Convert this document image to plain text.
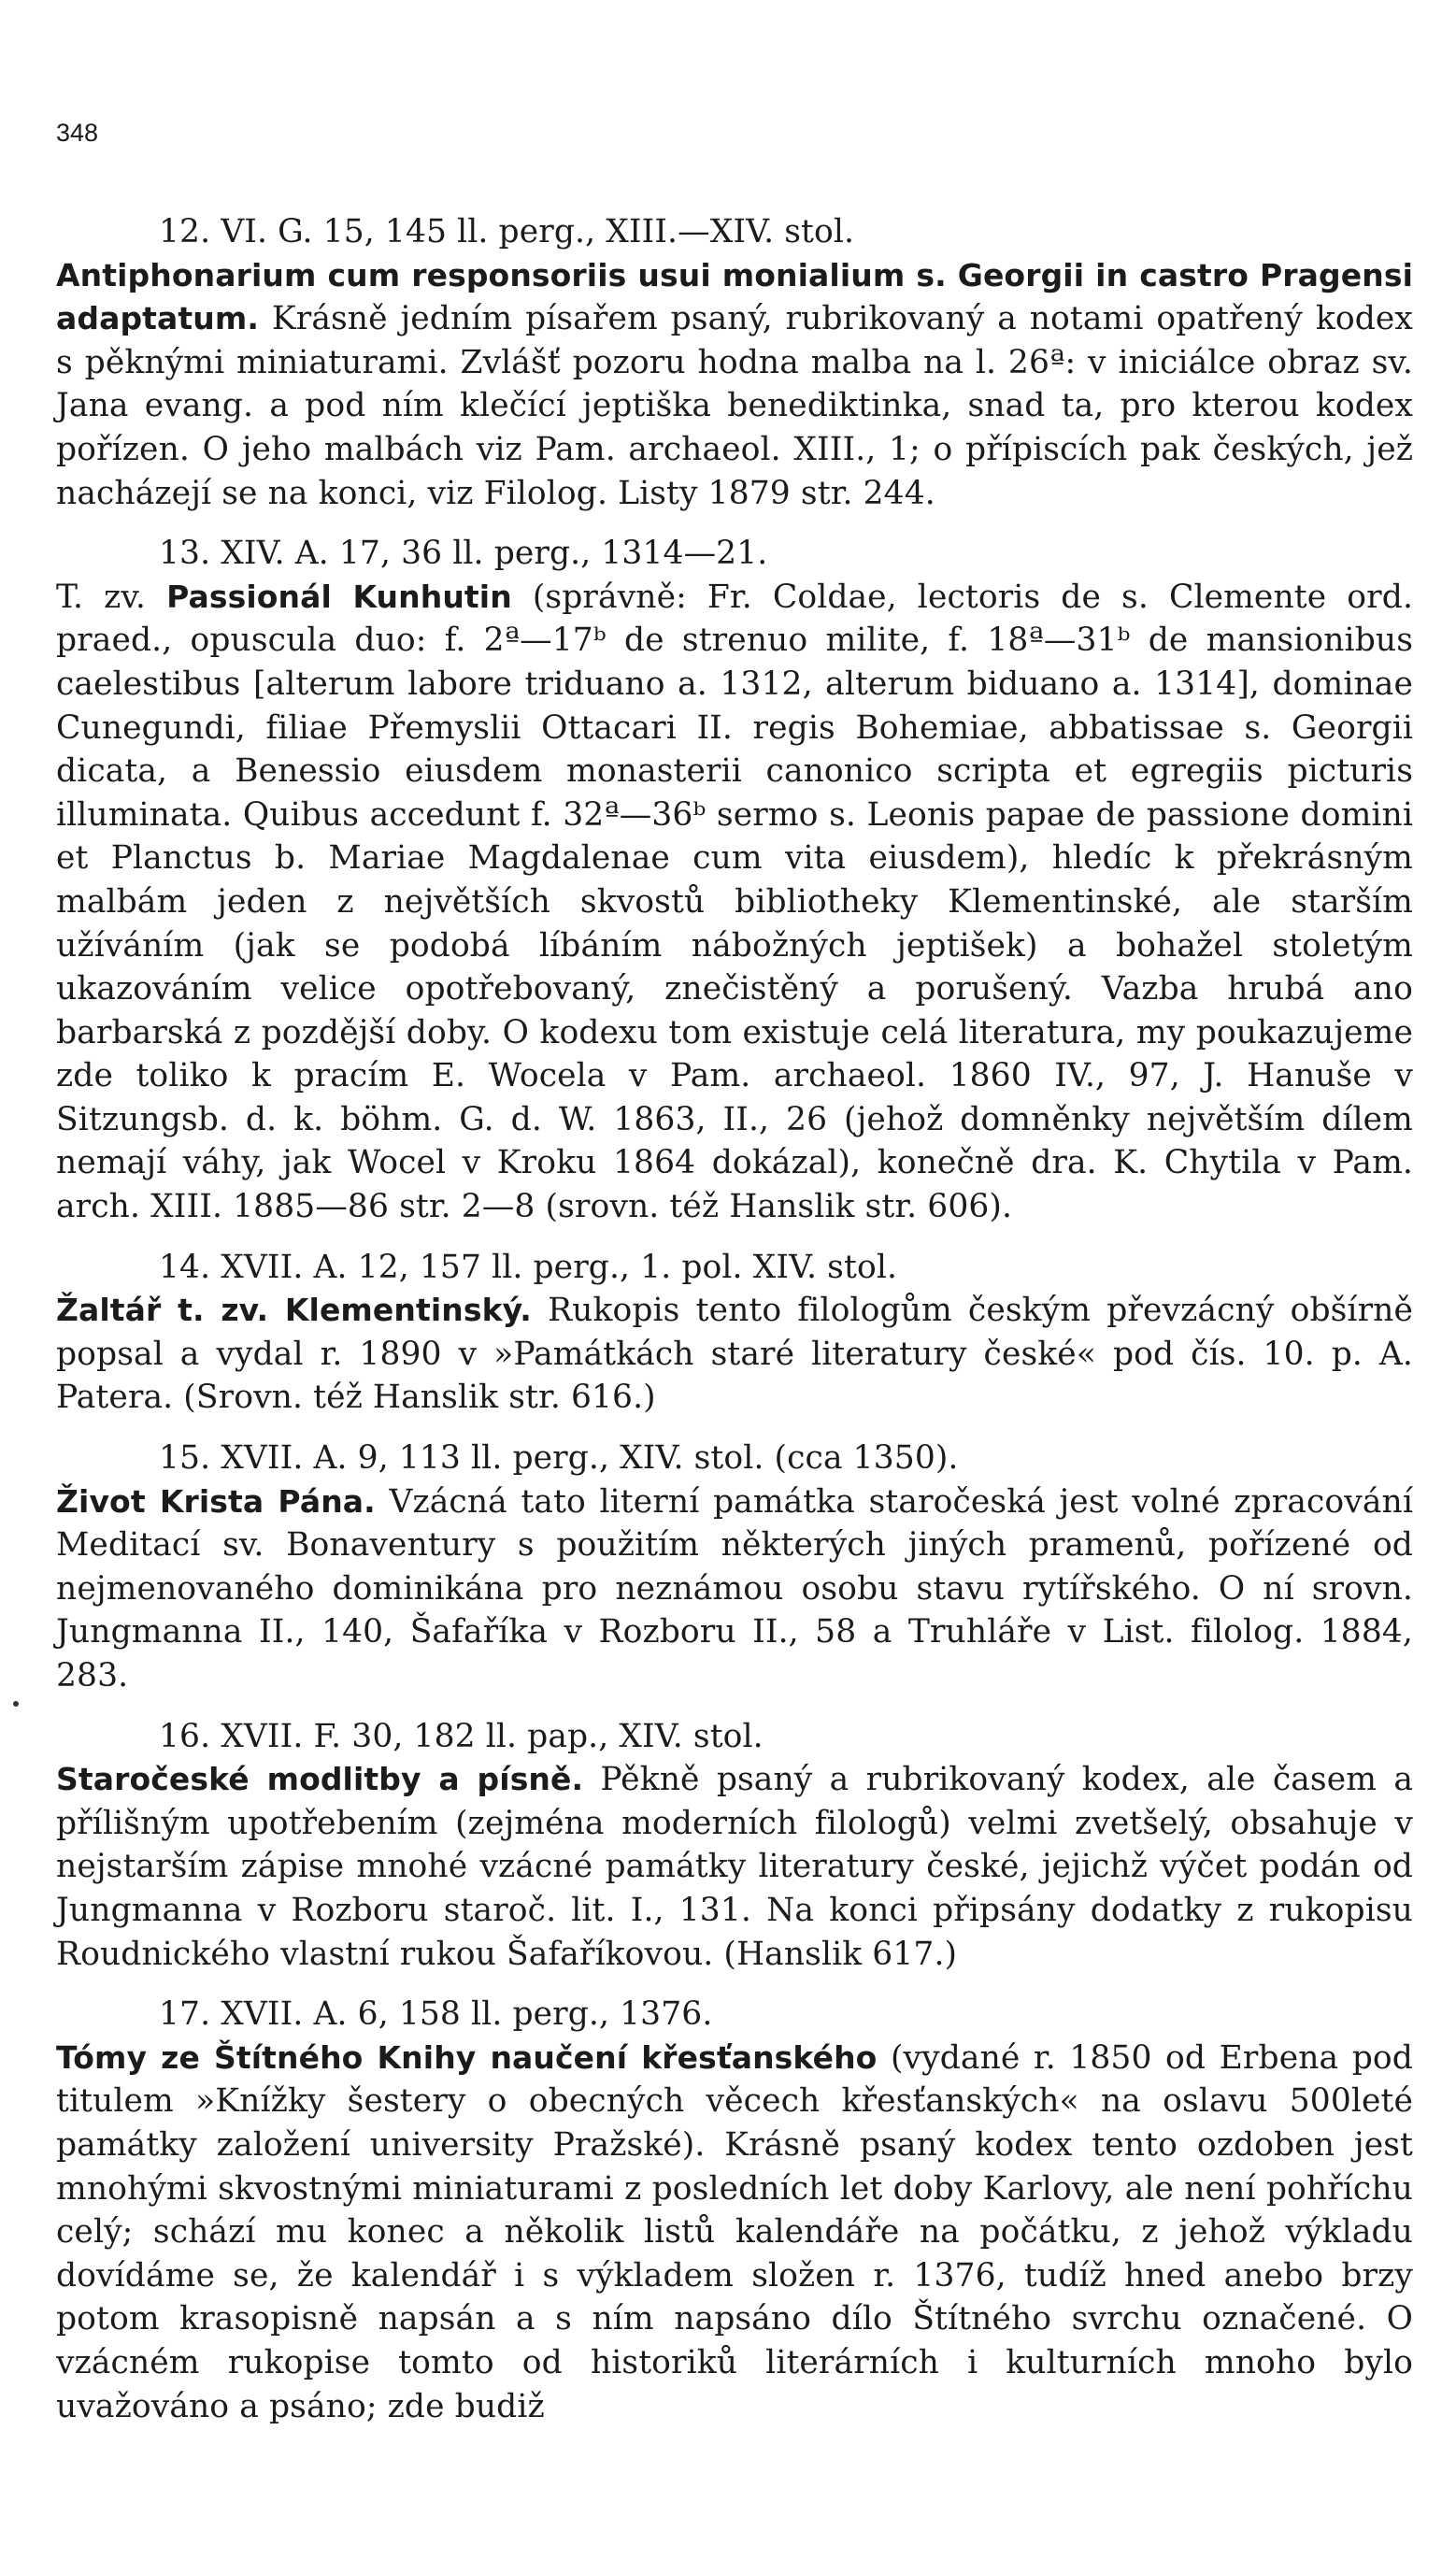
348

12. VI. G. 15, 145 ll. perg., XIII.—XIV. stol.

Antiphonarium cum responsoriis usui monialium s. Georgii in castro Pragensi adaptatum. Krásně jedním písařem psaný, rubrikovaný a notami opatřený kodex s pěknými miniaturami. Zvlášť pozoru hodna malba na l. 26ª: v iniciálce obraz sv. Jana evang. a pod ním klečící jeptiška benediktinka, snad ta, pro kterou kodex pořízen. O jeho malbách viz Pam. archaeol. XIII., 1; o přípiscích pak českých, jež nacházejí se na konci, viz Filolog. Listy 1879 str. 244.

13. XIV. A. 17, 36 ll. perg., 1314—21.

T. zv. Passionál Kunhutin (správně: Fr. Coldae, lectoris de s. Clemente ord. praed., opuscula duo: f. 2ª—17ᵇ de strenuo milite, f. 18ª—31ᵇ de mansionibus caelestibus [alterum labore triduano a. 1312, alterum biduano a. 1314], dominae Cunegundi, filiae Přemyslii Ottacari II. regis Bohemiae, abbatissae s. Georgii dicata, a Benessio eiusdem monasterii canonico scripta et egregiis picturis illuminata. Quibus accedunt f. 32ª—36ᵇ sermo s. Leonis papae de passione domini et Planctus b. Mariae Magdalenae cum vita eiusdem), hledíc k překrásným malbám jeden z největších skvostů bibliotheky Klementinské, ale starším užíváním (jak se podobá líbáním nábožných jeptišek) a bohažel stoletým ukazováním velice opotřebovaný, znečistěný a porušený. Vazba hrubá ano barbarská z pozdější doby. O kodexu tom existuje celá literatura, my poukazujeme zde toliko k pracím E. Wocela v Pam. archaeol. 1860 IV., 97, J. Hanuše v Sitzungsb. d. k. böhm. G. d. W. 1863, II., 26 (jehož domněnky největším dílem nemají váhy, jak Wocel v Kroku 1864 dokázal), konečně dra. K. Chytila v Pam. arch. XIII. 1885—86 str. 2—8 (srovn. též Hanslik str. 606).

14. XVII. A. 12, 157 ll. perg., 1. pol. XIV. stol.

Žaltář t. zv. Klementinský. Rukopis tento filologům českým převzácný obšírně popsal a vydal r. 1890 v »Památkách staré literatury české« pod čís. 10. p. A. Patera. (Srovn. též Hanslik str. 616.)

15. XVII. A. 9, 113 ll. perg., XIV. stol. (cca 1350).

Život Krista Pána. Vzácná tato literní památka staročeská jest volné zpracování Meditací sv. Bonaventury s použitím některých jiných pramenů, pořízené od nejmenovaného dominikána pro neznámou osobu stavu rytířského. O ní srovn. Jungmanna II., 140, Šafaříka v Rozboru II., 58 a Truhláře v List. filolog. 1884, 283.

16. XVII. F. 30, 182 ll. pap., XIV. stol.

Staročeské modlitby a písně. Pěkně psaný a rubrikovaný kodex, ale časem a přílišným upotřebením (zejména moderních filologů) velmi zvetšelý, obsahuje v nejstarším zápise mnohé vzácné památky literatury české, jejichž výčet podán od Jungmanna v Rozboru staroč. lit. I., 131. Na konci připsány dodatky z rukopisu Roudnického vlastní rukou Šafaříkovou. (Hanslik 617.)

17. XVII. A. 6, 158 ll. perg., 1376.

Tómy ze Štítného Knihy naučení křesťanského (vydané r. 1850 od Erbena pod titulem »Knížky šestery o obecných věcech křesťanských« na oslavu 500leté památky založení university Pražské). Krásně psaný kodex tento ozdoben jest mnohými skvostnými miniaturami z posledních let doby Karlovy, ale není pohříchu celý; schází mu konec a několik listů kalendáře na počátku, z jehož výkladu dovídáme se, že kalendář i s výkladem složen r. 1376, tudíž hned anebo brzy potom krasopisně napsán a s ním napsáno dílo Štítného svrchu označené. O vzácném rukopise tomto od historiků literárních i kulturních mnoho bylo uvažováno a psáno; zde budiž
